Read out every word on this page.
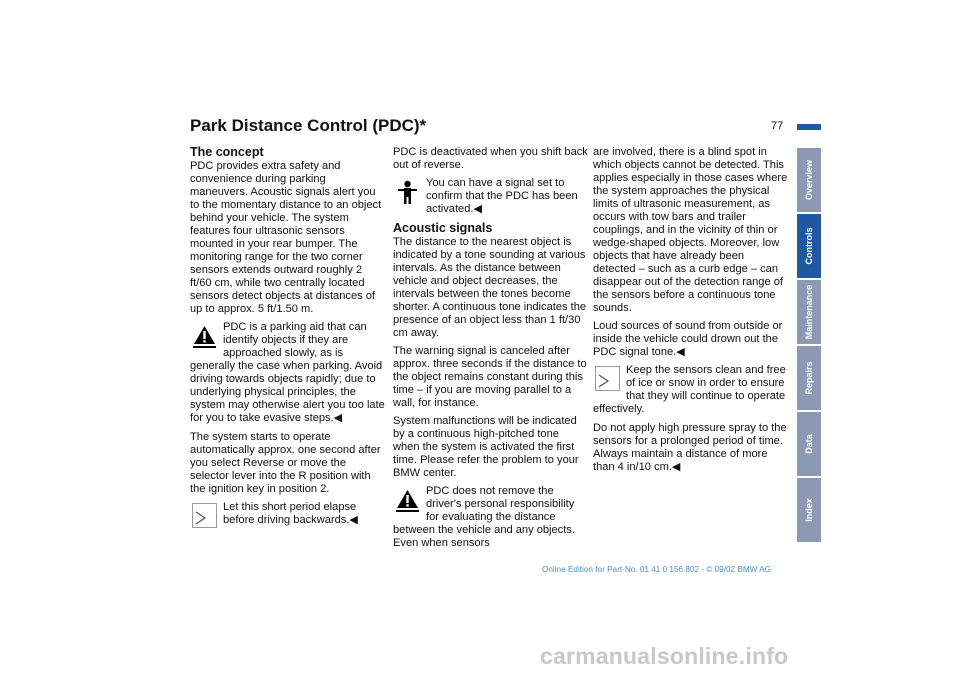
Park Distance Control (PDC)*	77
The concept

PDC provides extra safety and convenience during parking maneuvers. Acoustic signals alert you to the momentary distance to an object behind your vehicle. The system features four ultrasonic sensors mounted in your rear bumper. The monitoring range for the two corner sensors extends outward roughly 2 ft/60 cm, while two centrally located sensors detect objects at distances of up to approx. 5 ft/1.50 m.

PDC is a parking aid that can identify objects if they are approached slowly, as is generally the case when parking. Avoid driving towards objects rapidly; due to underlying physical principles, the system may otherwise alert you too late for you to take evasive steps.◀

The system starts to operate automatically approx. one second after you select Reverse or move the selector lever into the R position with the ignition key in position 2.

Let this short period elapse before driving backwards.◀

PDC is deactivated when you shift back out of reverse.

You can have a signal set to confirm that the PDC has been activated.◀
Acoustic signals

The distance to the nearest object is indicated by a tone sounding at various intervals. As the distance between vehicle and object decreases, the intervals between the tones become shorter. A continuous tone indicates the presence of an object less than 1 ft/30 cm away.

The warning signal is canceled after approx. three seconds if the distance to the object remains constant during this time – if you are moving parallel to a wall, for instance.

System malfunctions will be indicated by a continuous high-pitched tone when the system is activated the first time. Please refer the problem to your BMW center.

PDC does not remove the driver's personal responsibility for evaluating the distance between the vehicle and any objects. Even when sensors

are involved, there is a blind spot in which objects cannot be detected. This applies especially in those cases where the system approaches the physical limits of ultrasonic measurement, as occurs with tow bars and trailer couplings, and in the vicinity of thin or wedge-shaped objects. Moreover, low objects that have already been detected – such as a curb edge – can disappear out of the detection range of the sensors before a continuous tone sounds.

Loud sources of sound from outside or inside the vehicle could drown out the PDC signal tone.◀

Keep the sensors clean and free of ice or snow in order to ensure that they will continue to operate effectively.

Do not apply high pressure spray to the sensors for a prolonged period of time. Always maintain a distance of more than 4 in/10 cm.◀

Overview
Controls
Maintenance
Repairs
Data
Index
Online Edition for Part-No. 01 41 0 156 802 - © 09/02 BMW AG
carmanualsonline.info
